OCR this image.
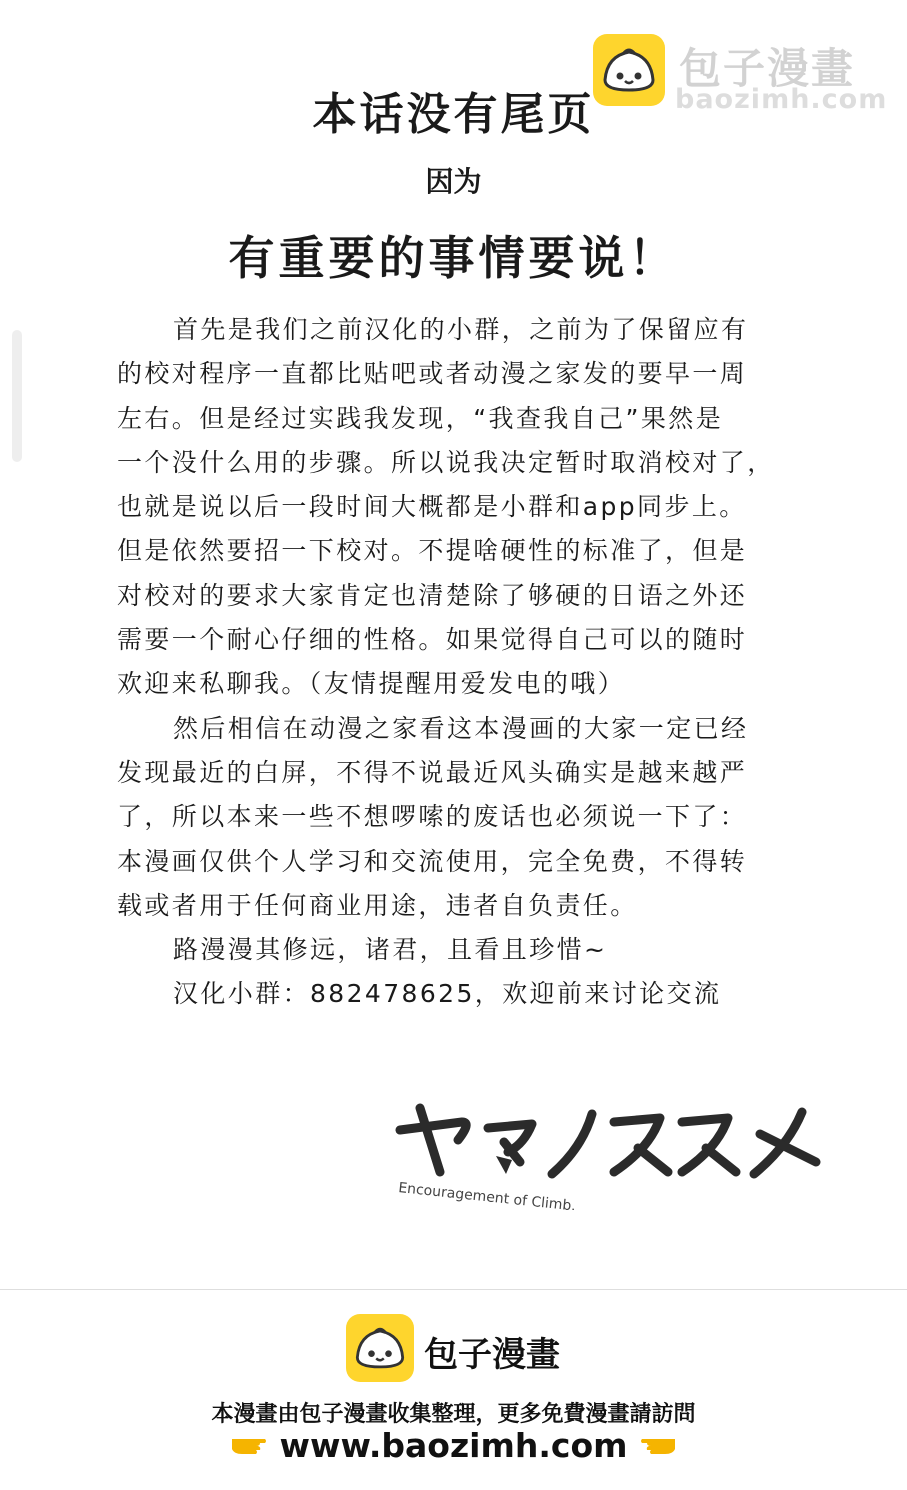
包子漫畫
baozimh.com
本话没有尾页
因为
有重要的事情要说！
首先是我们之前汉化的小群，之前为了保留应有
的校对程序一直都比贴吧或者动漫之家发的要早一周
左右。但是经过实践我发现，“我查我自己”果然是
一个没什么用的步骤。所以说我决定暂时取消校对了，
也就是说以后一段时间大概都是小群和app同步上。
但是依然要招一下校对。不提啥硬性的标准了，但是
对校对的要求大家肯定也清楚除了够硬的日语之外还
需要一个耐心仔细的性格。如果觉得自己可以的随时
欢迎来私聊我。（友情提醒用爱发电的哦）
然后相信在动漫之家看这本漫画的大家一定已经
发现最近的白屏，不得不说最近风头确实是越来越严
了，所以本来一些不想啰嗦的废话也必须说一下了：
本漫画仅供个人学习和交流使用，完全免费，不得转
载或者用于任何商业用途，违者自负责任。
路漫漫其修远，诸君，且看且珍惜~
汉化小群：882478625，欢迎前来讨论交流
Encouragement of Climb.
包子漫畫
本漫畫由包子漫畫收集整理，更多免費漫畫請訪問
www.baozimh.com
